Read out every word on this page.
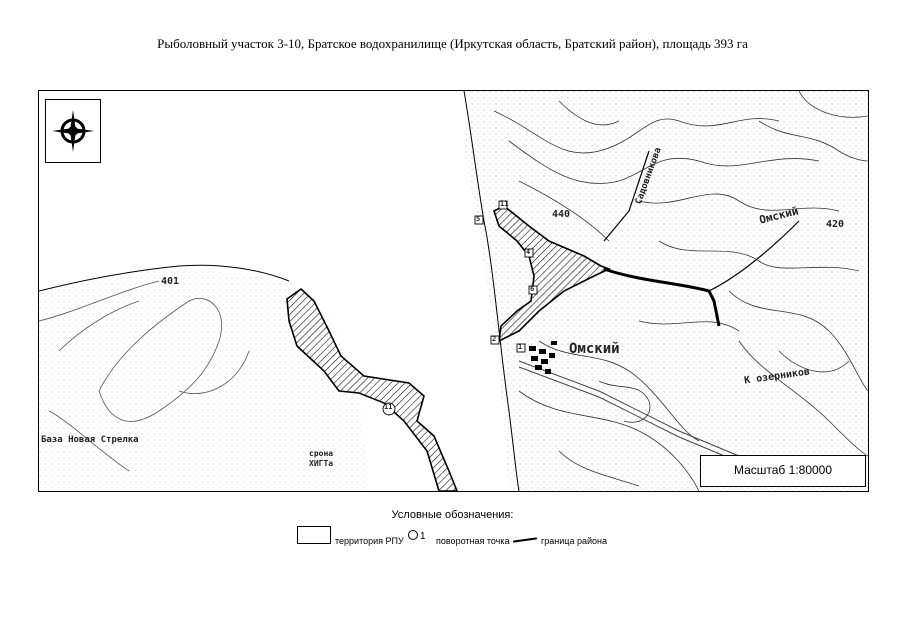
Рыболовный участок 3-10, Братское водохранилище (Иркутская область, Братский район), площадь 393 га
401
440
420
Омский
Омский
Садовникова
К озерников
База Новая Стрелка
срона
ХИГТа
11
5
4
6
2
1
11
Масштаб 1:80000
Условные обозначения:
территория РПУ 1 поворотная точка	граница района
